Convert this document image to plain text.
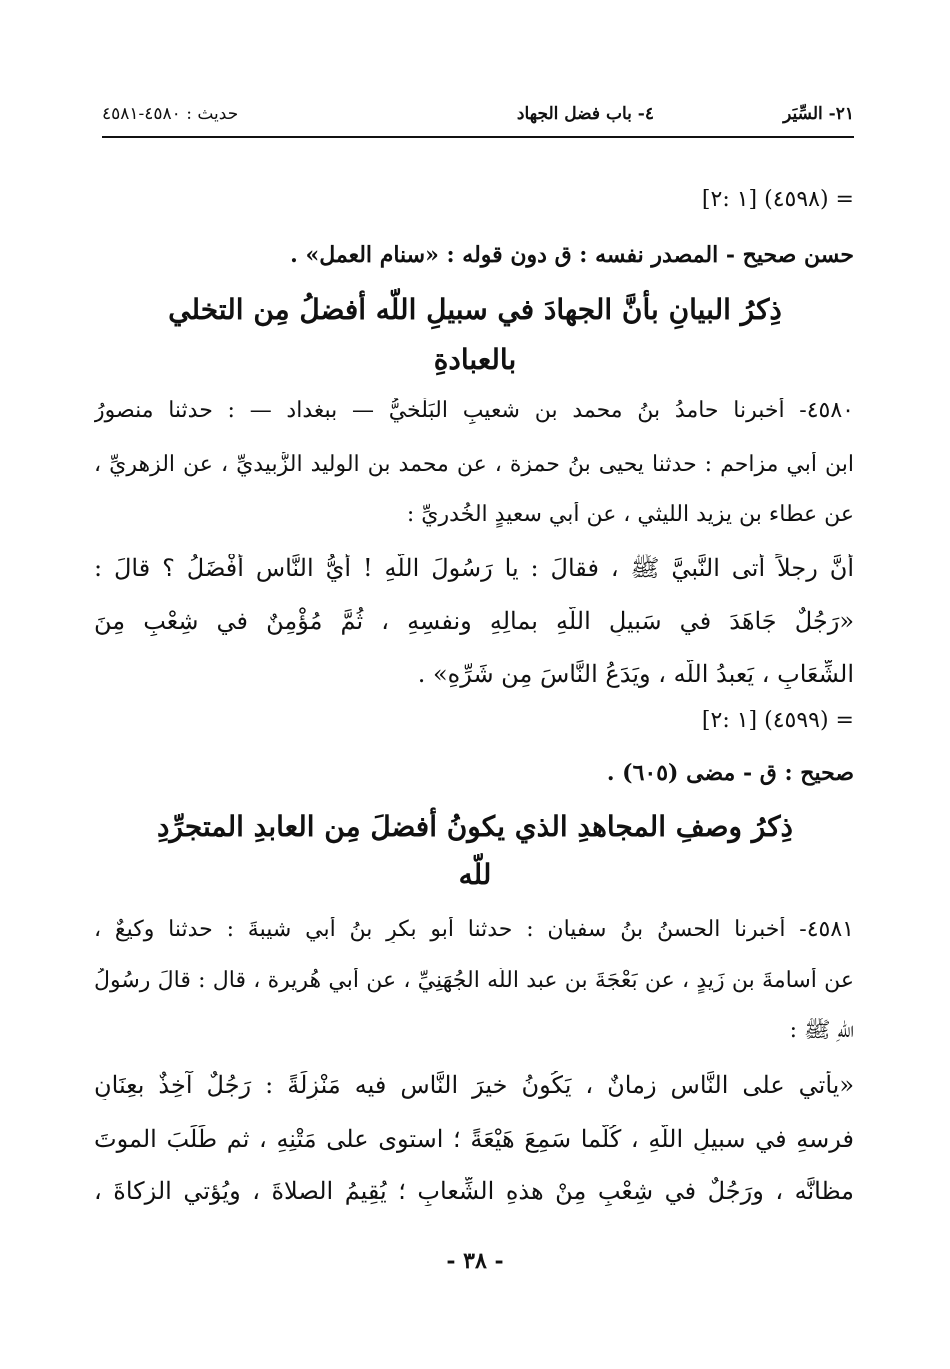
٢١- السِّيَر
٤- باب فضل الجهاد
حديث : ٤٥٨٠-٤٥٨١
= (٤٥٩٨) [١ :٢]
حسن صحيح - المصدر نفسه : ق دون قوله : «سنام العمل» .
ذِكرُ البيانِ بأنَّ الجهادَ في سبيلِ اللّه أفضلُ مِن التخلي
بالعبادةِ
٤٥٨٠- أخبرنا حامدُ بنُ محمد بن شعيبٍ البَلْخيُّ — ببغداد — : حدثنا منصورُ
ابن أبي مزاحمٍ : حدثنا يحيى بنُ حمزة ، عن محمد بنِ الوليد الزُّبيديِّ ، عن الزهريِّ ،
عن عطاء بن يزيد الليثي ، عن أبي سعيدٍ الخُدريِّ :
أنَّ رجلاً أتى النَّبيَّ ﷺ ، فقالَ : يا رَسُولَ اللّهِ ! أيُّ النَّاسِ أَفْضَلُ ؟ قالَ :
«رَجُلٌ جَاهَدَ في سَبيلِ اللّهِ بمالِهِ ونفسِهِ ، ثُمَّ مُؤْمِنٌ في شِعْبٍ مِنَ
الشِّعَابِ ، يَعبدُ اللّه ، ويَدَعُ النَّاسَ مِن شَرِّهِ» .
= (٤٥٩٩) [١ :٢]
صحيح : ق - مضى (٦٠٥) .
ذِكرُ وصفِ المجاهدِ الذي يكونُ أفضلَ مِن العابدِ المتجرِّدِ
للّه
٤٥٨١- أخبرنا الحسنُ بنُ سفيان : حدثنا أبو بكرِ بنُ أبي شيبةَ : حدثنا وكيعٌ ،
عن أُسامةَ بن زَيدٍ ، عن بَعْجَةَ بن عبد اللّه الجُهَنِيِّ ، عن أبي هُريرة ، قال : قالَ رسُولُ
اللّهِ ﷺ :
«يأتي على النَّاسِ زمانٌ ، يَكُونُ خيرَ النَّاسِ فيه مَنْزِلَةً : رَجُلٌ آخِذٌ بعِنَانِ
فرسهِ في سبيلِ اللّهِ ، كُلَّما سَمِعَ هَيْعَةً ؛ استوى على مَتْنِهِ ، ثم طَلَبَ الموتَ
مظانَّه ، ورَجُلٌ في شِعْبٍ مِنْ هذهِ الشِّعابِ ؛ يُقِيمُ الصلاةَ ، ويُؤتي الزكاةَ ،
- ٣٨ -
